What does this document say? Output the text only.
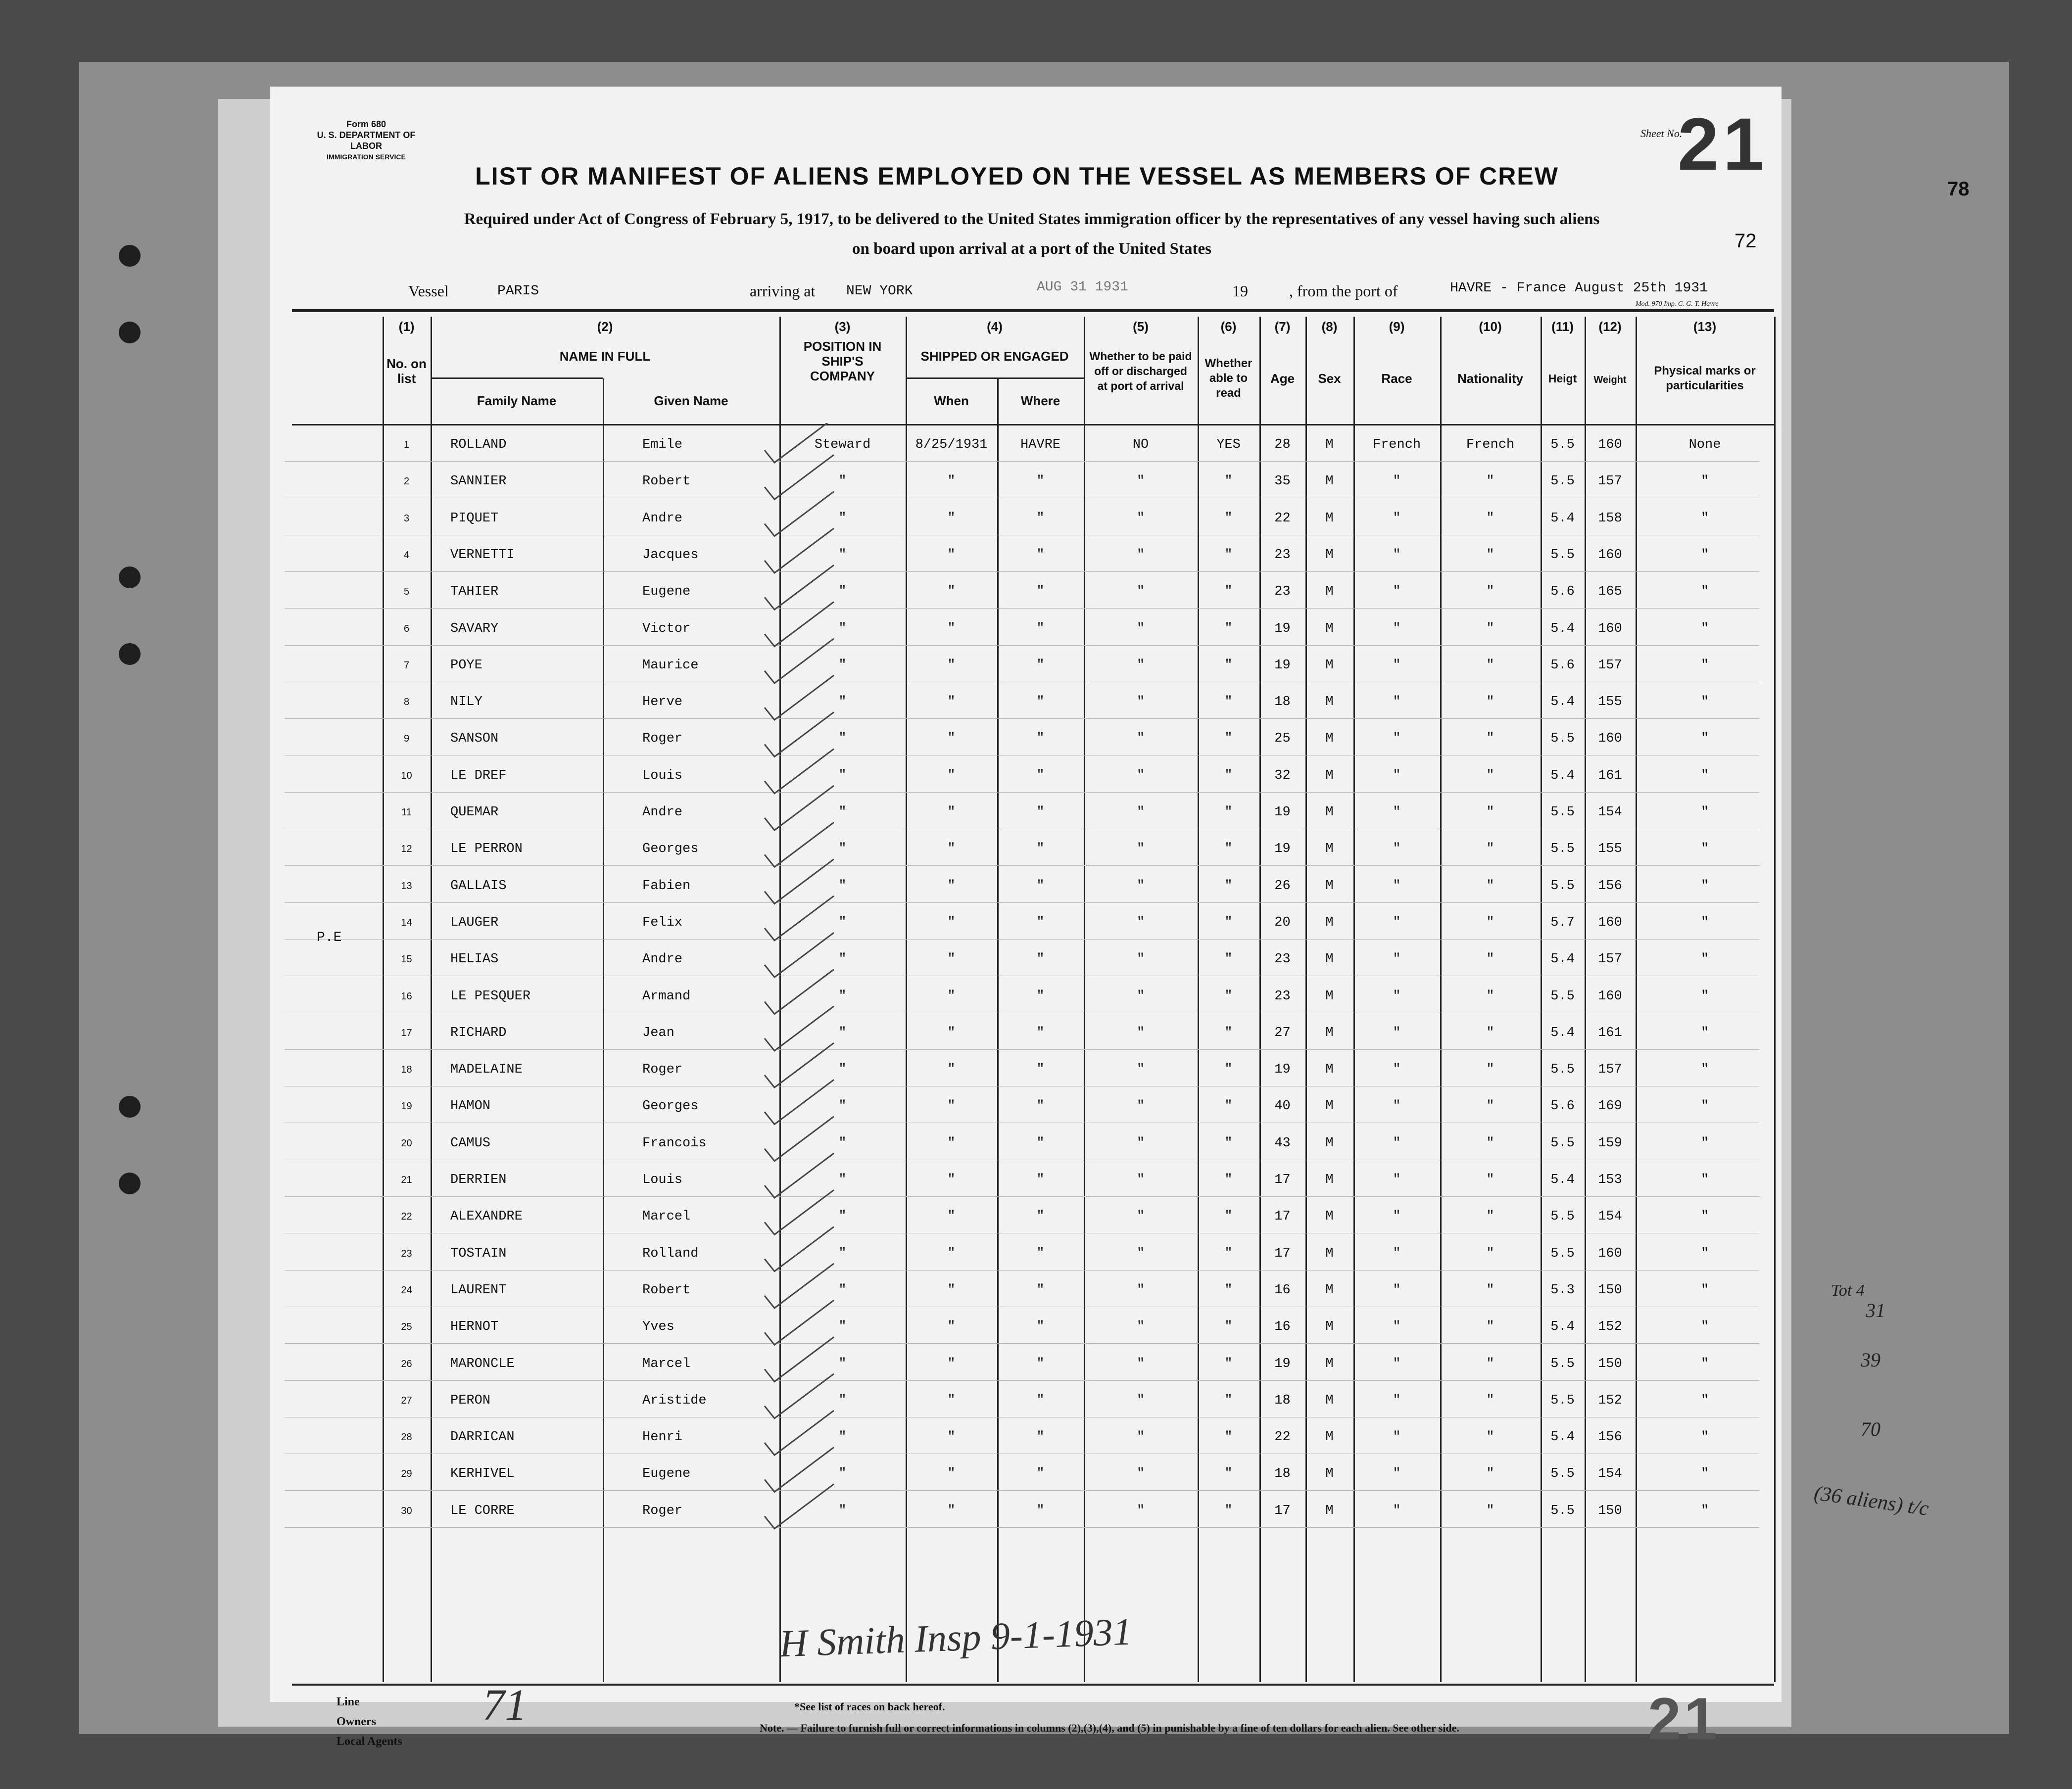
78
Form 680
U. S. DEPARTMENT OF LABOR
IMMIGRATION SERVICE
LIST OR MANIFEST OF ALIENS EMPLOYED ON THE VESSEL AS MEMBERS OF CREW
Sheet No.
21
Required under Act of Congress of February 5, 1917, to be delivered to the United States immigration officer by the representatives of any vessel having such aliens
on board upon arrival at a port of the United States	72
Vessel	PARIS	arriving at NEW YORK	AUG 31 1931	19	, from the port of	HAVRE - France August 25th 1931
Mod. 970 Imp. C. G. T. Havre
(1)
No. on list
(2)
NAME IN FULL
Family Name	Given Name
(3)
POSITION IN SHIP'S COMPANY
(4)
SHIPPED OR ENGAGED
When	Where
(5)
Whether to be paid off or discharged at port of arrival
(6)
Whether able to read
(7)
Age
(8)
Sex
(9)
Race
(10)
Nationality
(11)
Heigt
(12)
Weight
(13)
Physical marks or particularities
1	ROLLAND	Emile	Steward	8/25/1931	HAVRE	NO	YES	28	M	French	French	5.5	160	None
2	SANNIER	Robert	"	"	"	"	"	35	M	"	"	5.5	157	"
3	PIQUET	Andre	"	"	"	"	"	22	M	"	"	5.4	158	"
4	VERNETTI	Jacques	"	"	"	"	"	23	M	"	"	5.5	160	"
5	TAHIER	Eugene	"	"	"	"	"	23	M	"	"	5.6	165	"
6	SAVARY	Victor	"	"	"	"	"	19	M	"	"	5.4	160	"
7	POYE	Maurice	"	"	"	"	"	19	M	"	"	5.6	157	"
8	NILY	Herve	"	"	"	"	"	18	M	"	"	5.4	155	"
9	SANSON	Roger	"	"	"	"	"	25	M	"	"	5.5	160	"
10	LE DREF	Louis	"	"	"	"	"	32	M	"	"	5.4	161	"
11	QUEMAR	Andre	"	"	"	"	"	19	M	"	"	5.5	154	"
12	LE PERRON	Georges	"	"	"	"	"	19	M	"	"	5.5	155	"
13	GALLAIS	Fabien	"	"	"	"	"	26	M	"	"	5.5	156	"
14	LAUGER	Felix	"	"	"	"	"	20	M	"	"	5.7	160	"
15	HELIAS	Andre	"	"	"	"	"	23	M	"	"	5.4	157	"
16	LE PESQUER	Armand	"	"	"	"	"	23	M	"	"	5.5	160	"
17	RICHARD	Jean	"	"	"	"	"	27	M	"	"	5.4	161	"
18	MADELAINE	Roger	"	"	"	"	"	19	M	"	"	5.5	157	"
19	HAMON	Georges	"	"	"	"	"	40	M	"	"	5.6	169	"
20	CAMUS	Francois	"	"	"	"	"	43	M	"	"	5.5	159	"
21	DERRIEN	Louis	"	"	"	"	"	17	M	"	"	5.4	153	"
22	ALEXANDRE	Marcel	"	"	"	"	"	17	M	"	"	5.5	154	"
23	TOSTAIN	Rolland	"	"	"	"	"	17	M	"	"	5.5	160	"
24	LAURENT	Robert	"	"	"	"	"	16	M	"	"	5.3	150	"
25	HERNOT	Yves	"	"	"	"	"	16	M	"	"	5.4	152	"
26	MARONCLE	Marcel	"	"	"	"	"	19	M	"	"	5.5	150	"
27	PERON	Aristide	"	"	"	"	"	18	M	"	"	5.5	152	"
28	DARRICAN	Henri	"	"	"	"	"	22	M	"	"	5.4	156	"
29	KERHIVEL	Eugene	"	"	"	"	"	18	M	"	"	5.5	154	"
30	LE CORRE	Roger	"	"	"	"	"	17	M	"	"	5.5	150	"
P.E
H Smith Insp 9-1-1931
Line
Owners
Local Agents
71	*See list of races on back hereof.
Note. — Failure to furnish full or correct informations in columns (2),(3),(4), and (5) in punishable by a fine of ten dollars for each alien. See other side.	21
Tot 4
31
39
70
(36 aliens) t/c
